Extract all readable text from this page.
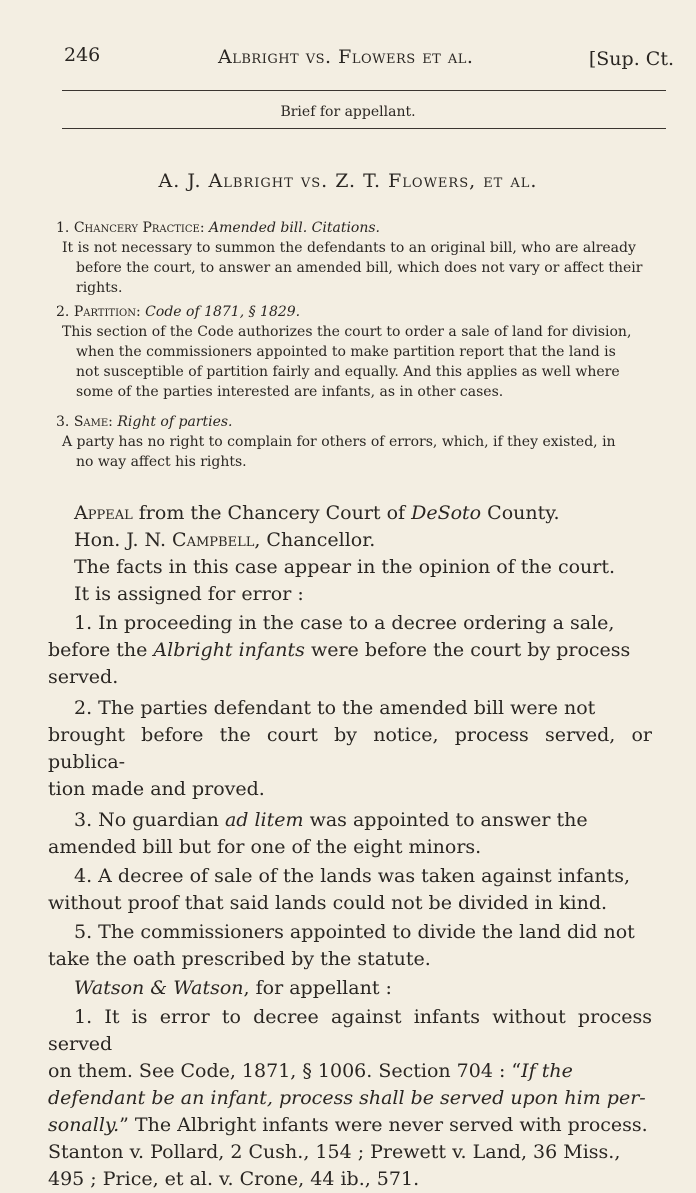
246	Albright vs. Flowers et al.	[Sup. Ct.
Brief for appellant.
A. J. Albright vs. Z. T. Flowers, et al.
1. Chancery Practice: Amended bill. Citations.
It is not necessary to summon the defendants to an original bill, who are already
before the court, to answer an amended bill, which does not vary or affect their
rights.
2. Partition: Code of 1871, § 1829.
This section of the Code authorizes the court to order a sale of land for division,
when the commissioners appointed to make partition report that the land is
not susceptible of partition fairly and equally. And this applies as well where
some of the parties interested are infants, as in other cases.
3. Same: Right of parties.
A party has no right to complain for others of errors, which, if they existed, in
no way affect his rights.

Appeal from the Chancery Court of DeSoto County.

Hon. J. N. Campbell, Chancellor.

The facts in this case appear in the opinion of the court.

It is assigned for error :

1. In proceeding in the case to a decree ordering a sale,

before the Albright infants were before the court by process

served.

2. The parties defendant to the amended bill were not

brought before the court by notice, process served, or publica-

tion made and proved.

3. No guardian ad litem was appointed to answer the

amended bill but for one of the eight minors.

4. A decree of sale of the lands was taken against infants,

without proof that said lands could not be divided in kind.

5. The commissioners appointed to divide the land did not

take the oath prescribed by the statute.

Watson & Watson, for appellant :

1. It is error to decree against infants without process served

on them. See Code, 1871, § 1006. Section 704 : “If the

defendant be an infant, process shall be served upon him per-

sonally.” The Albright infants were never served with process.

Stanton v. Pollard, 2 Cush., 154 ; Prewett v. Land, 36 Miss.,

495 ; Price, et al. v. Crone, 44 ib., 571.
